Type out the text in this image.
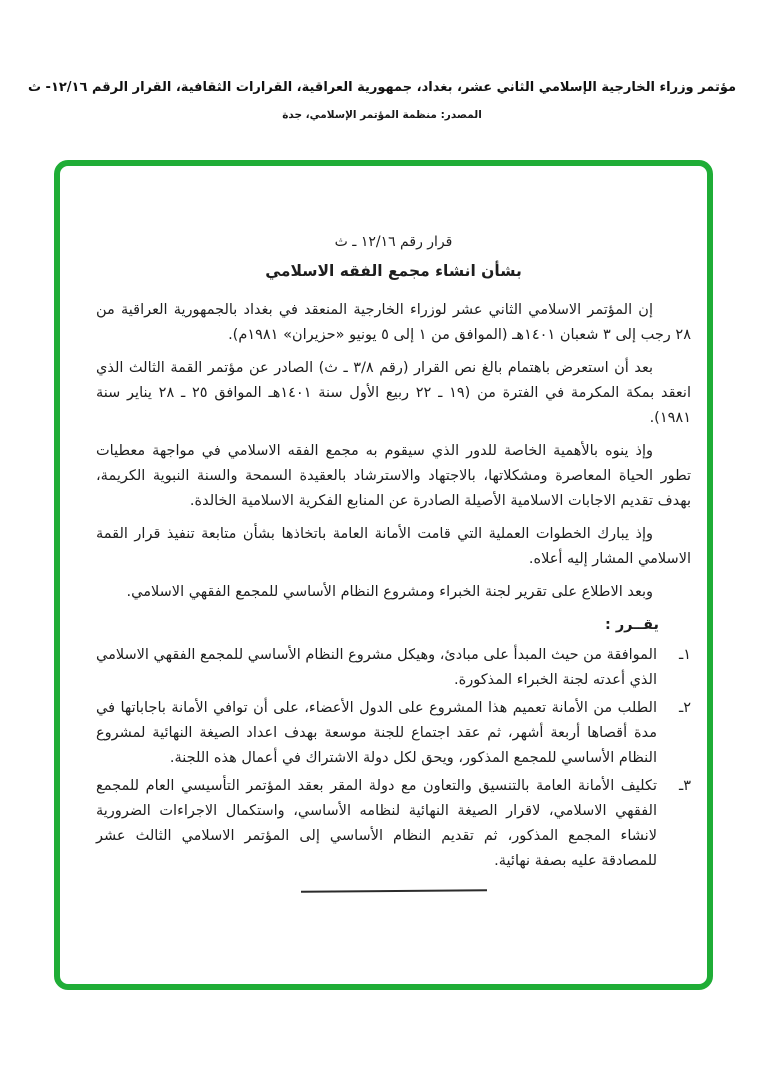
مؤتمر وزراء الخارجية الإسلامي الثاني عشر، بغداد، جمهورية العراقية، القرارات الثقافية، القرار الرقم ١٢/١٦- ث
المصدر: منظمة المؤتمر الإسلامي، جدة
قرار رقم ١٢/١٦ ـ ث
بشأن انشاء مجمع الفقه الاسلامي

إن المؤتمر الاسلامي الثاني عشر لوزراء الخارجية المنعقد في بغداد بالجمهورية العراقية من ٢٨ رجب إلى ٣ شعبان ١٤٠١هـ (الموافق من ١ إلى ٥ يونيو «حزيران» ١٩٨١م).

بعد أن استعرض باهتمام بالغ نص القرار (رقم ٣/٨ ـ ث) الصادر عن مؤتمر القمة الثالث الذي انعقد بمكة المكرمة في الفترة من (١٩ ـ ٢٢ ربيع الأول سنة ١٤٠١هـ الموافق ٢٥ ـ ٢٨ يناير سنة ١٩٨١).

وإذ ينوه بالأهمية الخاصة للدور الذي سيقوم به مجمع الفقه الاسلامي في مواجهة معطيات تطور الحياة المعاصرة ومشكلاتها، بالاجتهاد والاسترشاد بالعقيدة السمحة والسنة النبوية الكريمة، بهدف تقديم الاجابات الاسلامية الأصيلة الصادرة عن المنابع الفكرية الاسلامية الخالدة.

وإذ يبارك الخطوات العملية التي قامت الأمانة العامة باتخاذها بشأن متابعة تنفيذ قرار القمة الاسلامي المشار إليه أعلاه.

وبعد الاطلاع على تقرير لجنة الخبراء ومشروع النظام الأساسي للمجمع الفقهي الاسلامي.

يقــرر :
١ـ
الموافقة من حيث المبدأ على مبادئ، وهيكل مشروع النظام الأساسي للمجمع الفقهي الاسلامي الذي أعدته لجنة الخبراء المذكورة.
٢ـ
الطلب من الأمانة تعميم هذا المشروع على الدول الأعضاء، على أن توافي الأمانة باجاباتها في مدة أقصاها أربعة أشهر، ثم عقد اجتماع للجنة موسعة بهدف اعداد الصيغة النهائية لمشروع النظام الأساسي للمجمع المذكور، ويحق لكل دولة الاشتراك في أعمال هذه اللجنة.
٣ـ
تكليف الأمانة العامة بالتنسيق والتعاون مع دولة المقر بعقد المؤتمر التأسيسي العام للمجمع الفقهي الاسلامي، لاقرار الصيغة النهائية لنظامه الأساسي، واستكمال الاجراءات الضرورية لانشاء المجمع المذكور، ثم تقديم النظام الأساسي إلى المؤتمر الاسلامي الثالث عشر للمصادقة عليه بصفة نهائية.
